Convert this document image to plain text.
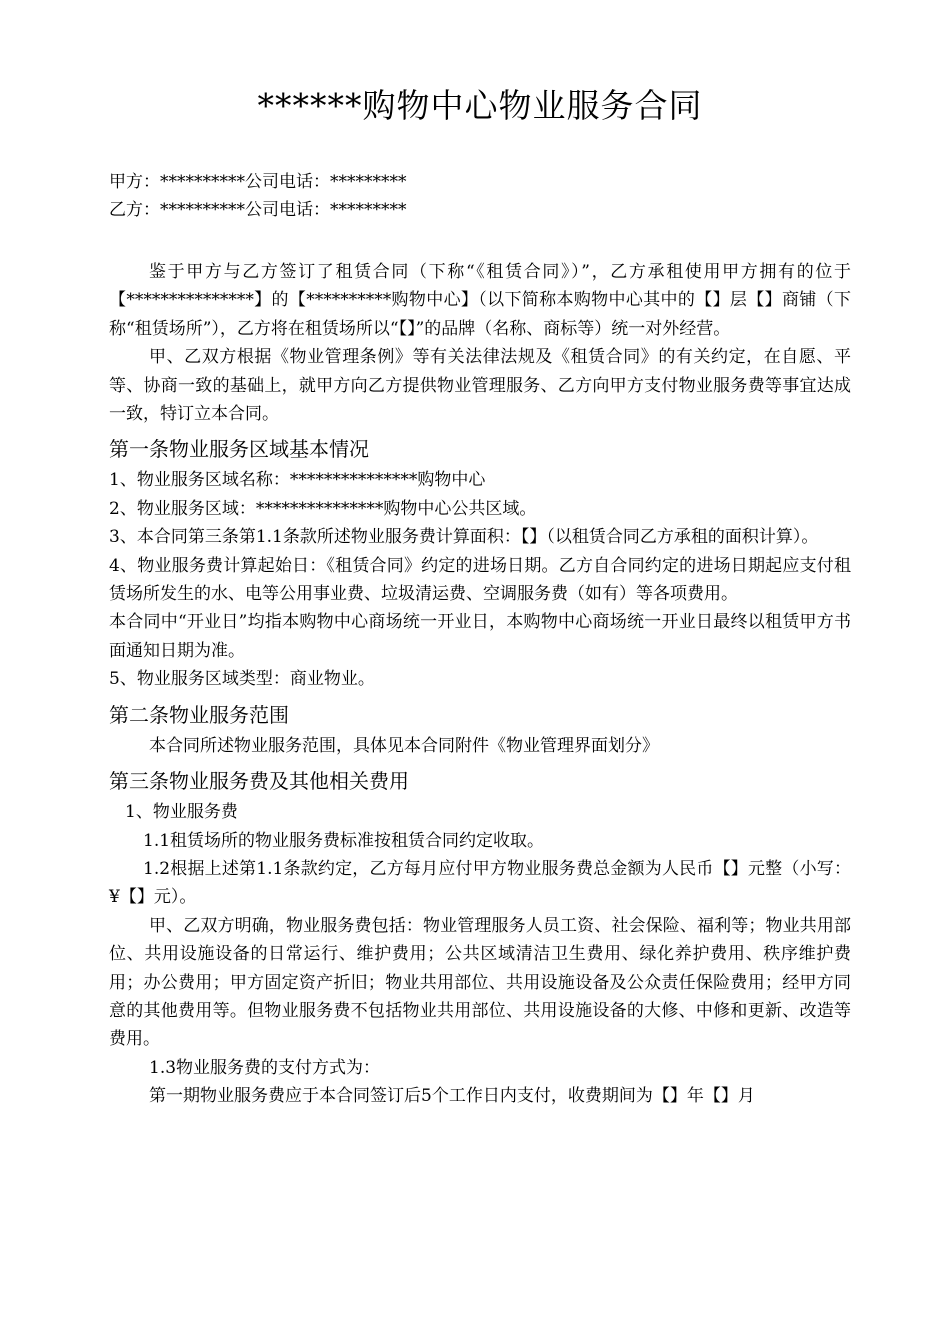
******购物中心物业服务合同

甲方：**********公司电话：*********

乙方：**********公司电话：*********

鉴于甲方与乙方签订了租赁合同（下称“《租赁合同》）”，乙方承租使用甲方拥有的位于【***************】的【**********购物中心】（以下简称本购物中心其中的【】层【】商铺（下称“租赁场所”），乙方将在租赁场所以“【】”的品牌（名称、商标等）统一对外经营。

甲、乙双方根据《物业管理条例》等有关法律法规及《租赁合同》的有关约定，在自愿、平等、协商一致的基础上，就甲方向乙方提供物业管理服务、乙方向甲方支付物业服务费等事宜达成一致，特订立本合同。

第一条物业服务区域基本情况

1、物业服务区域名称：***************购物中心

2、物业服务区域：***************购物中心公共区域。

3、本合同第三条第1.1条款所述物业服务费计算面积：【】（以租赁合同乙方承租的面积计算）。

4、物业服务费计算起始日：《租赁合同》约定的进场日期。乙方自合同约定的进场日期起应支付租赁场所发生的水、电等公用事业费、垃圾清运费、空调服务费（如有）等各项费用。

本合同中“开业日”均指本购物中心商场统一开业日，本购物中心商场统一开业日最终以租赁甲方书面通知日期为准。

5、物业服务区域类型：商业物业。

第二条物业服务范围

本合同所述物业服务范围，具体见本合同附件《物业管理界面划分》

第三条物业服务费及其他相关费用

1、物业服务费

1.1租赁场所的物业服务费标准按租赁合同约定收取。

1.2根据上述第1.1条款约定，乙方每月应付甲方物业服务费总金额为人民币【】元整（小写：¥【】元）。

甲、乙双方明确，物业服务费包括：物业管理服务人员工资、社会保险、福利等；物业共用部位、共用设施设备的日常运行、维护费用；公共区域清洁卫生费用、绿化养护费用、秩序维护费用；办公费用；甲方固定资产折旧；物业共用部位、共用设施设备及公众责任保险费用；经甲方同意的其他费用等。但物业服务费不包括物业共用部位、共用设施设备的大修、中修和更新、改造等费用。

1.3物业服务费的支付方式为：

第一期物业服务费应于本合同签订后5个工作日内支付，收费期间为【】年【】月
